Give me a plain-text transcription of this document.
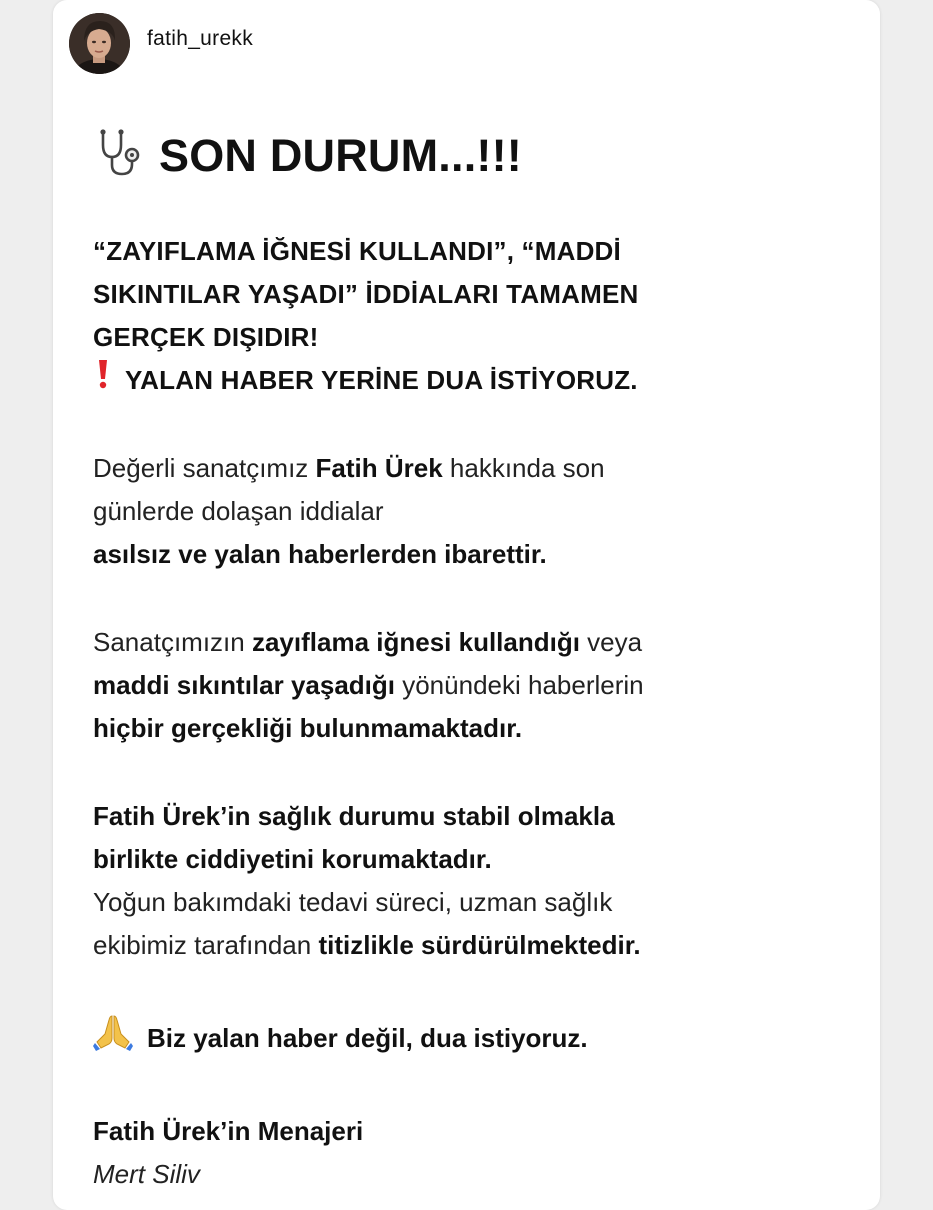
fatih_urekk
SON DURUM...!!!
“ZAYIFLAMA İĞNESİ KULLANDI”, “MADDİ
SIKINTILAR YAŞADI” İDDİALARI TAMAMEN
GERÇEK DIŞIDIR!
YALAN HABER YERİNE DUA İSTİYORUZ.
Değerli sanatçımız Fatih Ürek hakkında son
günlerde dolaşan iddialar
asılsız ve yalan haberlerden ibarettir.
Sanatçımızın zayıflama iğnesi kullandığı veya
maddi sıkıntılar yaşadığı yönündeki haberlerin
hiçbir gerçekliği bulunmamaktadır.
Fatih Ürek’in sağlık durumu stabil olmakla
birlikte ciddiyetini korumaktadır.
Yoğun bakımdaki tedavi süreci, uzman sağlık
ekibimiz tarafından titizlikle sürdürülmektedir.
Biz yalan haber değil, dua istiyoruz.
Fatih Ürek’in Menajeri
Mert Siliv
